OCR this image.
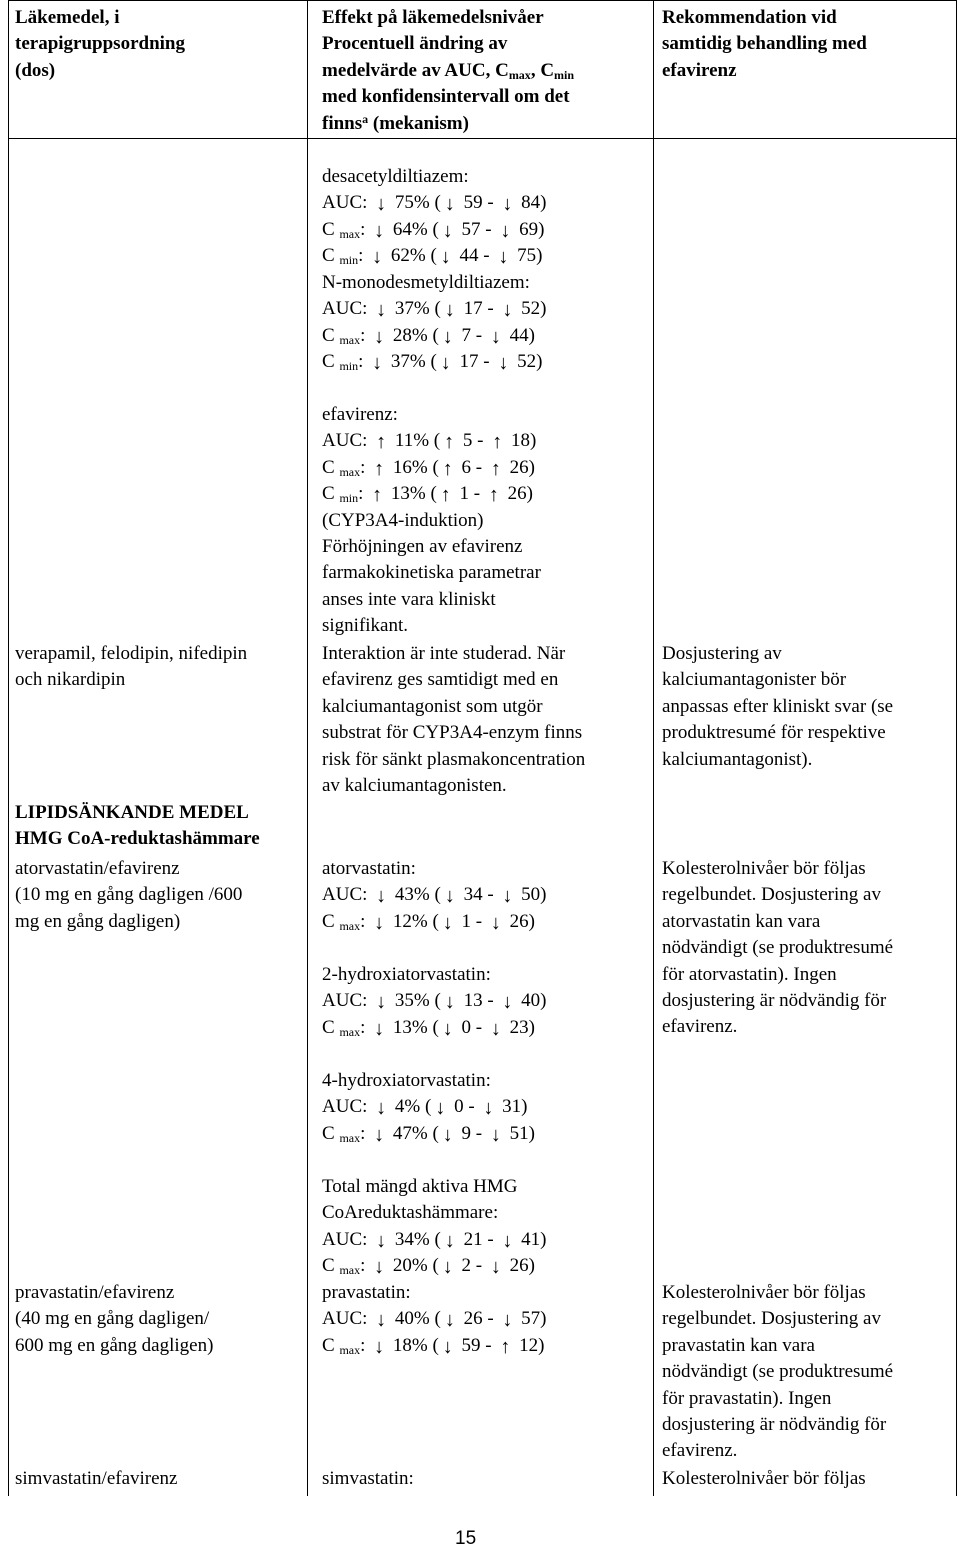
Läkemedel, i
terapigruppsordning
(dos)
Effekt på läkemedelsnivåer
Procentuell ändring av
medelvärde av AUC, $C_{max}$, $C_{min}$
med konfidensintervall om det
finns$^a$ (mekanism)
Rekommendation vid
samtidig behandling med
efavirenz
desacetyldiltiazem:
AUC: ↓ 75% ( ↓ 59 - ↓ 84)
C $_{max}$: ↓ 64% ( ↓ 57 - ↓ 69)
C $_{min}$: ↓ 62% ( ↓ 44 - ↓ 75)
N-monodesmetyldiltiazem:
AUC: ↓ 37% ( ↓ 17 - ↓ 52)
C $_{max}$: ↓ 28% ( ↓ 7 - ↓ 44)
C $_{min}$: ↓ 37% ( ↓ 17 - ↓ 52)
efavirenz:
AUC: ↑ 11% ( ↑ 5 - ↑ 18)
C $_{max}$: ↑ 16% ( ↑ 6 - ↑ 26)
C $_{min}$: ↑ 13% ( ↑ 1 - ↑ 26)
(CYP3A4-induktion)
Förhöjningen av efavirenz
farmakokinetiska parametrar
anses inte vara kliniskt
signifikant.
verapamil, felodipin, nifedipin
och nikardipin
Interaktion är inte studerad. När
efavirenz ges samtidigt med en
kalciumantagonist som utgör
substrat för CYP3A4-enzym finns
risk för sänkt plasmakoncentration
av kalciumantagonisten.
Dosjustering av
kalciumantagonister bör
anpassas efter kliniskt svar (se
produktresumé för respektive
kalciumantagonist).
LIPIDSÄNKANDE MEDEL
HMG CoA-reduktashämmare
atorvastatin/efavirenz
(10 mg en gång dagligen /600
mg en gång dagligen)
atorvastatin:
AUC: ↓ 43% ( ↓ 34 - ↓ 50)
C $_{max}$: ↓ 12% ( ↓ 1 - ↓ 26)
2-hydroxiatorvastatin:
AUC: ↓ 35% ( ↓ 13 - ↓ 40)
C $_{max}$: ↓ 13% ( ↓ 0 - ↓ 23)
4-hydroxiatorvastatin:
AUC: ↓ 4% ( ↓ 0 - ↓ 31)
C $_{max}$: ↓ 47% ( ↓ 9 - ↓ 51)
Total mängd aktiva HMG
CoAreduktashämmare:
AUC: ↓ 34% ( ↓ 21 - ↓ 41)
C $_{max}$: ↓ 20% ( ↓ 2 - ↓ 26)
Kolesterolnivåer bör följas
regelbundet. Dosjustering av
atorvastatin kan vara
nödvändigt (se produktresumé
för atorvastatin). Ingen
dosjustering är nödvändig för
efavirenz.
pravastatin/efavirenz
(40 mg en gång dagligen/
600 mg en gång dagligen)
pravastatin:
AUC: ↓ 40% ( ↓ 26 - ↓ 57)
C $_{max}$: ↓ 18% ( ↓ 59 - ↑ 12)
Kolesterolnivåer bör följas
regelbundet. Dosjustering av
pravastatin kan vara
nödvändigt (se produktresumé
för pravastatin). Ingen
dosjustering är nödvändig för
efavirenz.
simvastatin/efavirenz	simvastatin:	Kolesterolnivåer bör följas
15
